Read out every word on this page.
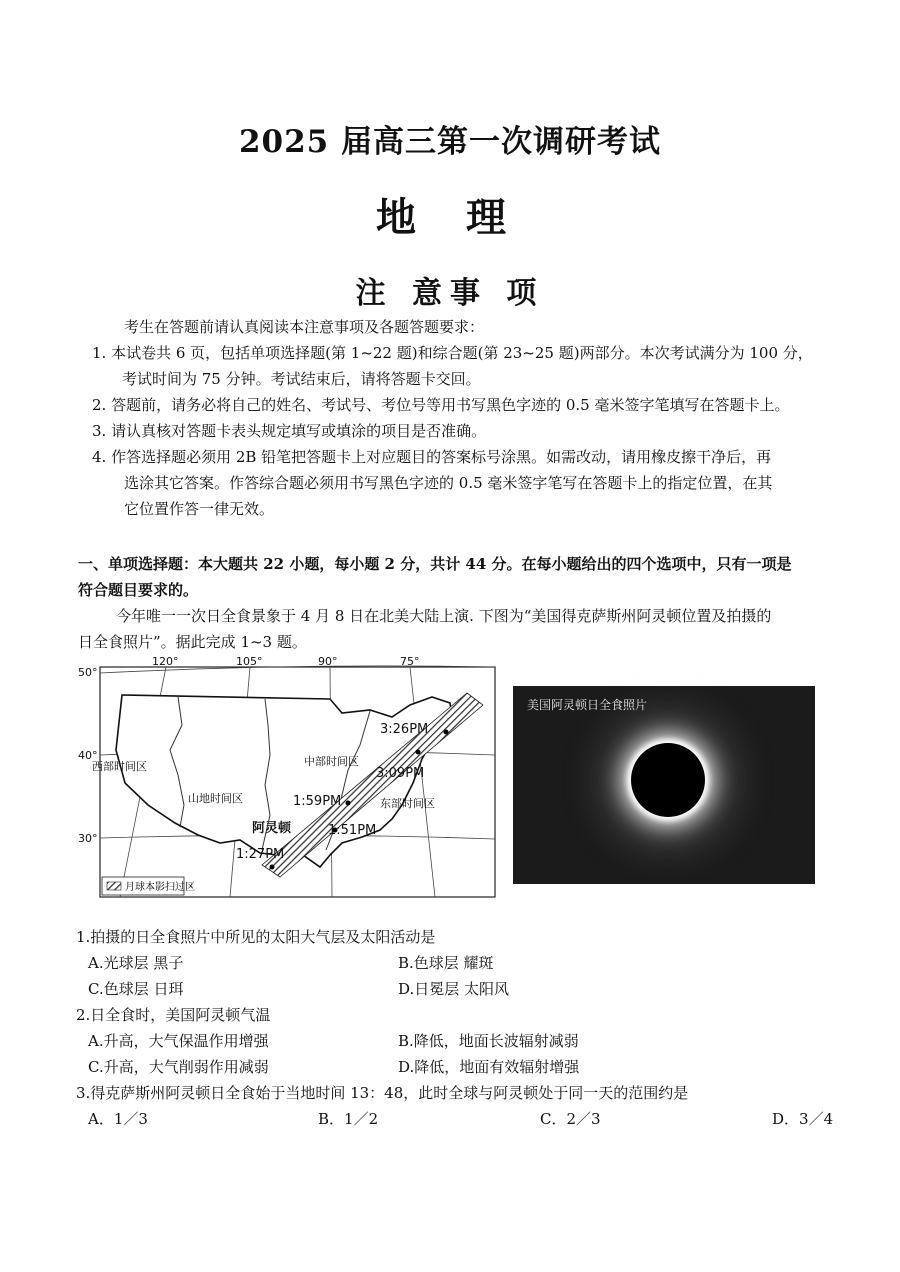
2025 届高三第一次调研考试
地 理
注 意事 项
考生在答题前请认真阅读本注意事项及各题答题要求：
1. 本试卷共 6 页，包括单项选择题(第 1~22 题)和综合题(第 23~25 题)两部分。本次考试满分为 100 分，
考试时间为 75 分钟。考试结束后，请将答题卡交回。
2. 答题前，请务必将自己的姓名、考试号、考位号等用书写黑色字迹的 0.5 毫米签字笔填写在答题卡上。
3. 请认真核对答题卡表头规定填写或填涂的项目是否准确。
4. 作答选择题必须用 2B 铅笔把答题卡上对应题目的答案标号涂黑。如需改动，请用橡皮擦干净后，再
选涂其它答案。作答综合题必须用书写黑色字迹的 0.5 毫米签字笔写在答题卡上的指定位置，在其
它位置作答一律无效。
一、单项选择题：本大题共 22 小题，每小题 2 分，共计 44 分。在每小题给出的四个选项中，只有一项是
符合题目要求的。
今年唯一一次日全食景象于 4 月 8 日在北美大陆上演. 下图为“美国得克萨斯州阿灵顿位置及拍摄的
日全食照片”。据此完成 1~3 题。
50°
40°
30°
120°	105°	90°	75°
西部时间区
山地时间区
中部时间区
东部时间区
3:26PM
3:09PM
1:59PM
1:51PM
1:27PM
阿灵顿
月球本影扫过区
美国阿灵顿日全食照片
1.拍摄的日全食照片中所见的太阳大气层及太阳活动是
A.光球层 黑子	B.色球层 耀斑
C.色球层 日珥	D.日冕层 太阳风
2.日全食时，美国阿灵顿气温
A.升高，大气保温作用增强	B.降低，地面长波辐射减弱
C.升高，大气削弱作用减弱	D.降低，地面有效辐射增强
3.得克萨斯州阿灵顿日全食始于当地时间 13：48，此时全球与阿灵顿处于同一天的范围约是
A．1／3	B．1／2	C．2／3	D．3／4
